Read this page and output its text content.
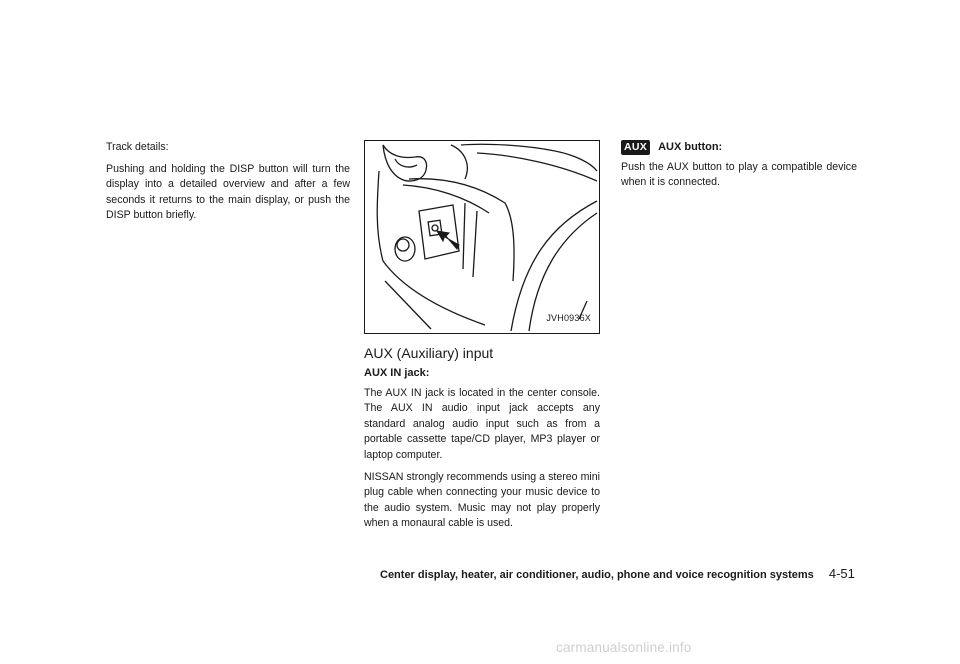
Track details:

Pushing and holding the DISP button will turn the display into a detailed overview and after a few seconds it returns to the main display, or push the DISP button briefly.

JVH0936X
AUX (Auxiliary) input
AUX IN jack:

The AUX IN jack is located in the center console. The AUX IN audio input jack accepts any standard analog audio input such as from a portable cassette tape/CD player, MP3 player or laptop computer.

NISSAN strongly recommends using a stereo mini plug cable when connecting your music device to the audio system. Music may not play properly when a monaural cable is used.

AUX AUX button:

Push the AUX button to play a compatible device when it is connected.

Center display, heater, air conditioner, audio, phone and voice recognition systems 4-51
carmanualsonline.info
